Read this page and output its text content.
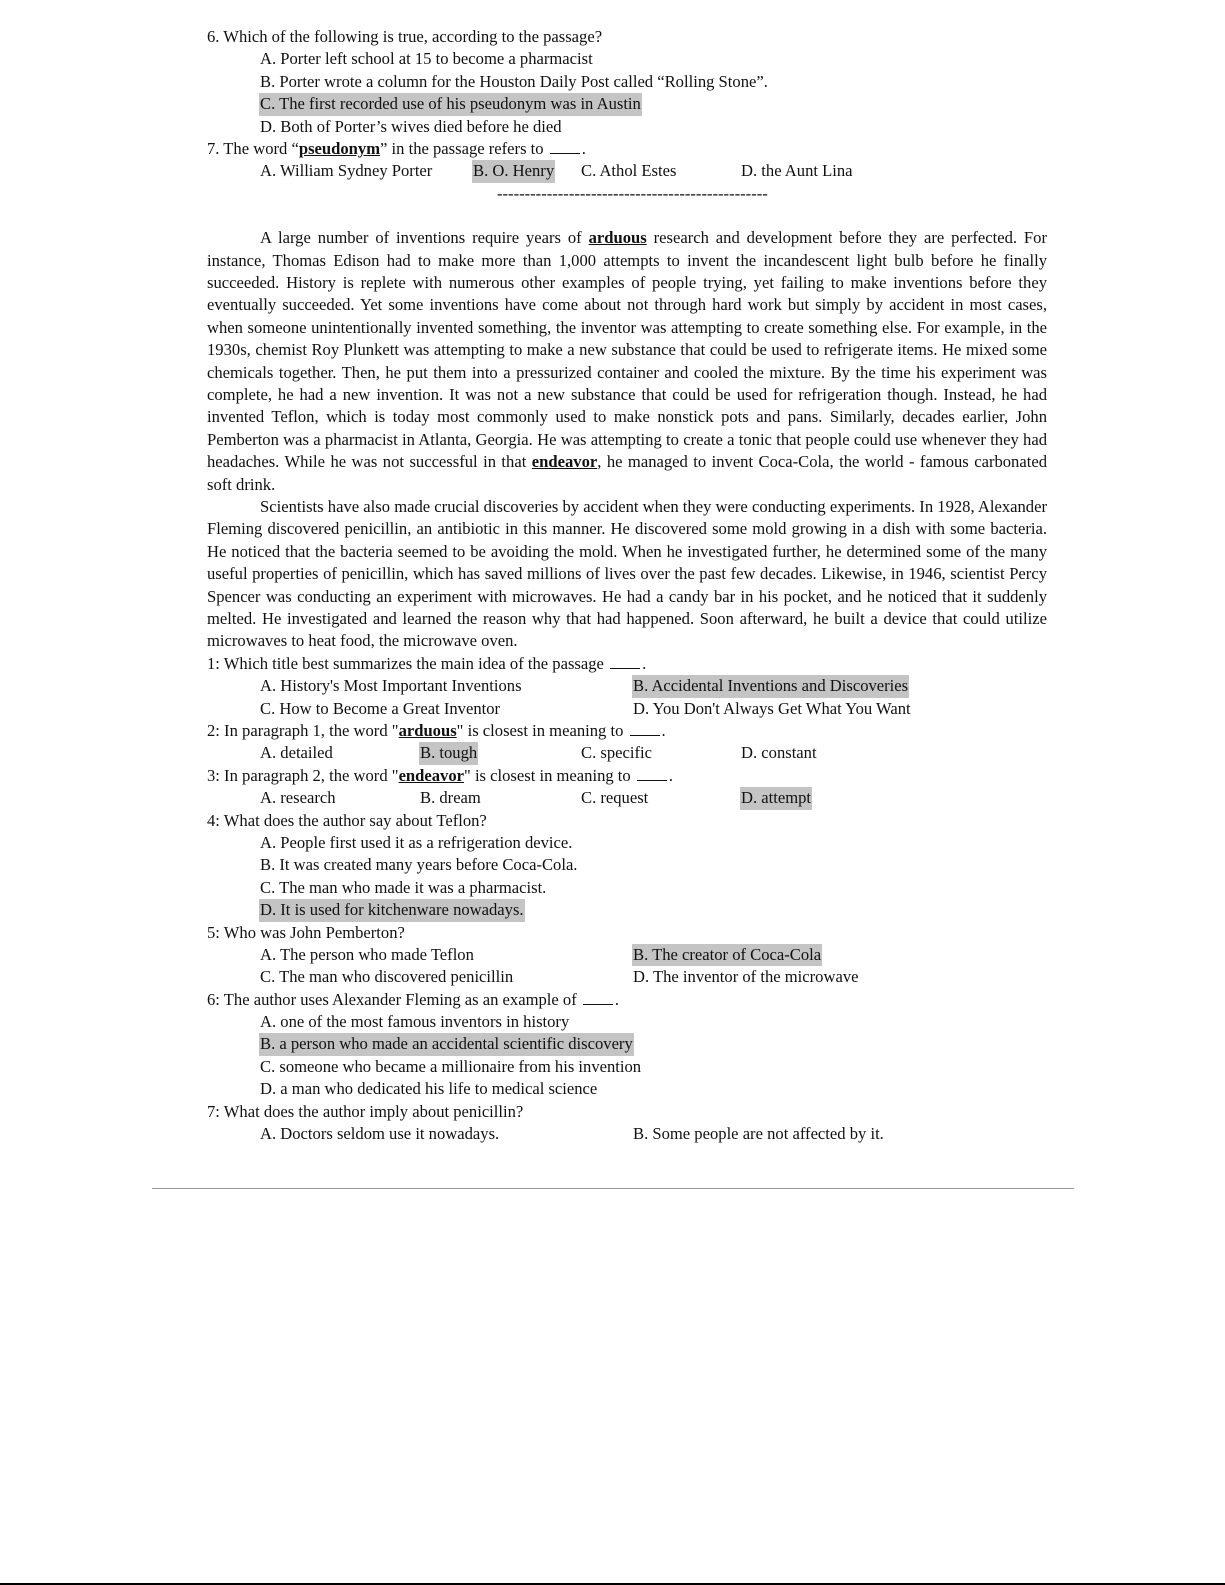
6. Which of the following is true, according to the passage?
A. Porter left school at 15 to become a pharmacist
B. Porter wrote a column for the Houston Daily Post called “Rolling Stone”.
C. The first recorded use of his pseudonym was in Austin
D. Both of Porter’s wives died before he died
7. The word “pseudonym” in the passage refers to .
A. William Sydney Porter B. O. Henry C. Athol Estes	D. the Aunt Lina
-------------------------------------------------

A large number of inventions require years of arduous research and development before they are perfected. For instance, Thomas Edison had to make more than 1,000 attempts to invent the incandescent light bulb before he finally succeeded. History is replete with numerous other examples of people trying, yet failing to make inventions before they eventually succeeded. Yet some inventions have come about not through hard work but simply by accident in most cases, when someone unintentionally invented something, the inventor was attempting to create something else. For example, in the 1930s, chemist Roy Plunkett was attempting to make a new substance that could be used to refrigerate items. He mixed some chemicals together. Then, he put them into a pressurized container and cooled the mixture. By the time his experiment was complete, he had a new invention. It was not a new substance that could be used for refrigeration though. Instead, he had invented Teflon, which is today most commonly used to make nonstick pots and pans. Similarly, decades earlier, John Pemberton was a pharmacist in Atlanta, Georgia. He was attempting to create a tonic that people could use whenever they had headaches. While he was not successful in that endeavor, he managed to invent Coca-Cola, the world - famous carbonated soft drink.

Scientists have also made crucial discoveries by accident when they were conducting experiments. In 1928, Alexander Fleming discovered penicillin, an antibiotic in this manner. He discovered some mold growing in a dish with some bacteria. He noticed that the bacteria seemed to be avoiding the mold. When he investigated further, he determined some of the many useful properties of penicillin, which has saved millions of lives over the past few decades. Likewise, in 1946, scientist Percy Spencer was conducting an experiment with microwaves. He had a candy bar in his pocket, and he noticed that it suddenly melted. He investigated and learned the reason why that had happened. Soon afterward, he built a device that could utilize microwaves to heat food, the microwave oven.

1: Which title best summarizes the main idea of the passage .
A. History's Most Important Inventions	B. Accidental Inventions and Discoveries
C. How to Become a Great Inventor	D. You Don't Always Get What You Want
2: In paragraph 1, the word "arduous" is closest in meaning to .
A. detailed	B. tough	C. specific	D. constant
3: In paragraph 2, the word "endeavor" is closest in meaning to .
A. research	B. dream	C. request	D. attempt
4: What does the author say about Teflon?
A. People first used it as a refrigeration device.
B. It was created many years before Coca-Cola.
C. The man who made it was a pharmacist.
D. It is used for kitchenware nowadays.
5: Who was John Pemberton?
A. The person who made Teflon	B. The creator of Coca-Cola
C. The man who discovered penicillin	D. The inventor of the microwave
6: The author uses Alexander Fleming as an example of .
A. one of the most famous inventors in history
B. a person who made an accidental scientific discovery
C. someone who became a millionaire from his invention
D. a man who dedicated his life to medical science
7: What does the author imply about penicillin?
A. Doctors seldom use it nowadays.	B. Some people are not affected by it.
